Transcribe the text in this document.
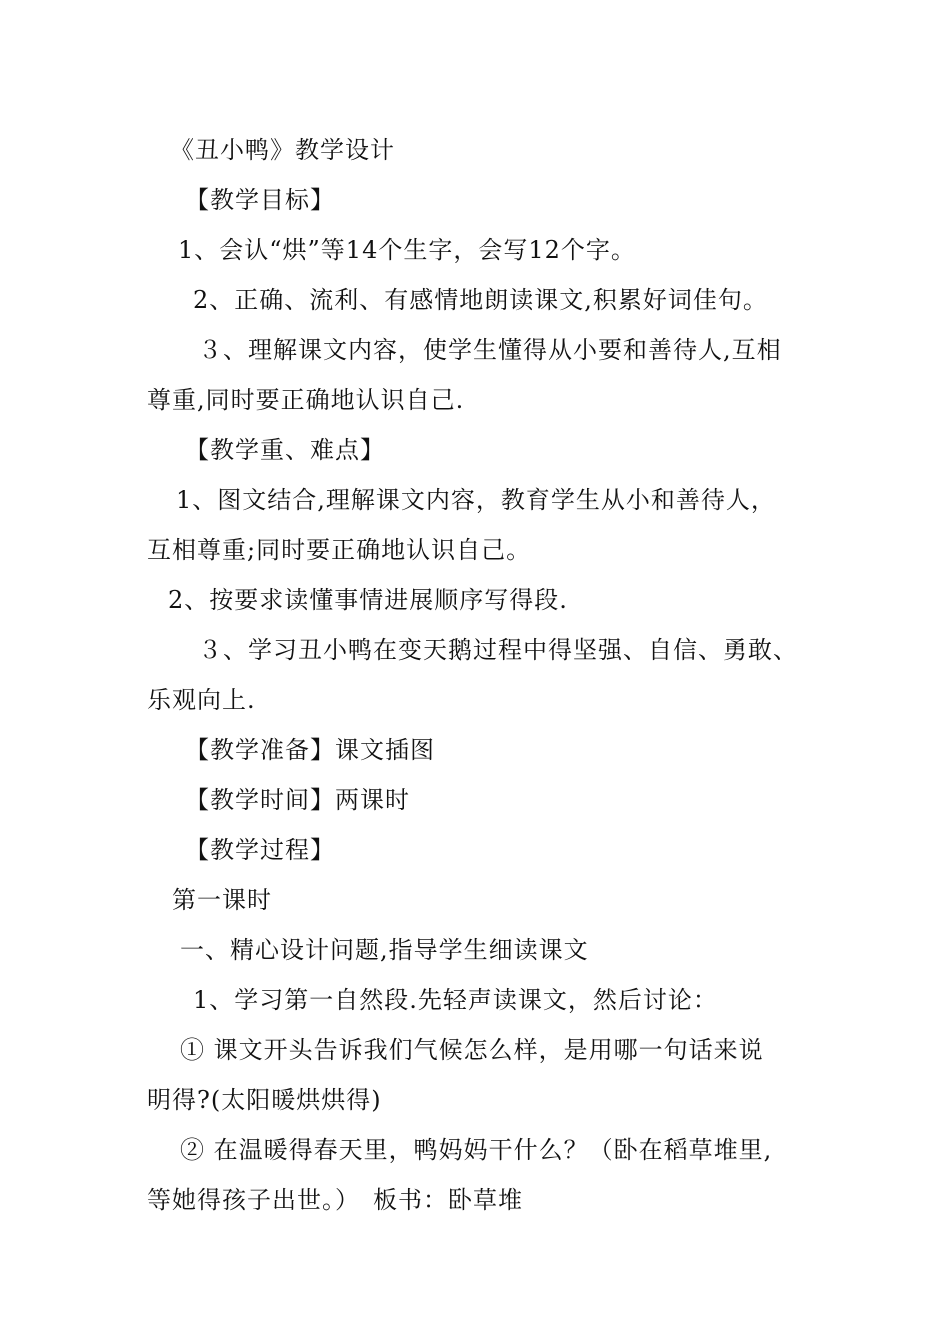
《丑小鸭》教学设计
【教学目标】
1、会认“烘”等14个生字，会写12个字。
2、正确、流利、有感情地朗读课文,积累好词佳句。
３、理解课文内容，使学生懂得从小要和善待人,互相
尊重,同时要正确地认识自己.
【教学重、难点】
1、图文结合,理解课文内容，教育学生从小和善待人，
互相尊重;同时要正确地认识自己。
2、按要求读懂事情进展顺序写得段.
３、学习丑小鸭在变天鹅过程中得坚强、自信、勇敢、
乐观向上.
【教学准备】课文插图
【教学时间】两课时
【教学过程】
第一课时
一、精心设计问题,指导学生细读课文
1、学习第一自然段.先轻声读课文，然后讨论：
① 课文开头告诉我们气候怎么样，是用哪一句话来说
明得?(太阳暖烘烘得)
② 在温暖得春天里，鸭妈妈干什么？（卧在稻草堆里,
等她得孩子出世。）　板书：卧草堆
